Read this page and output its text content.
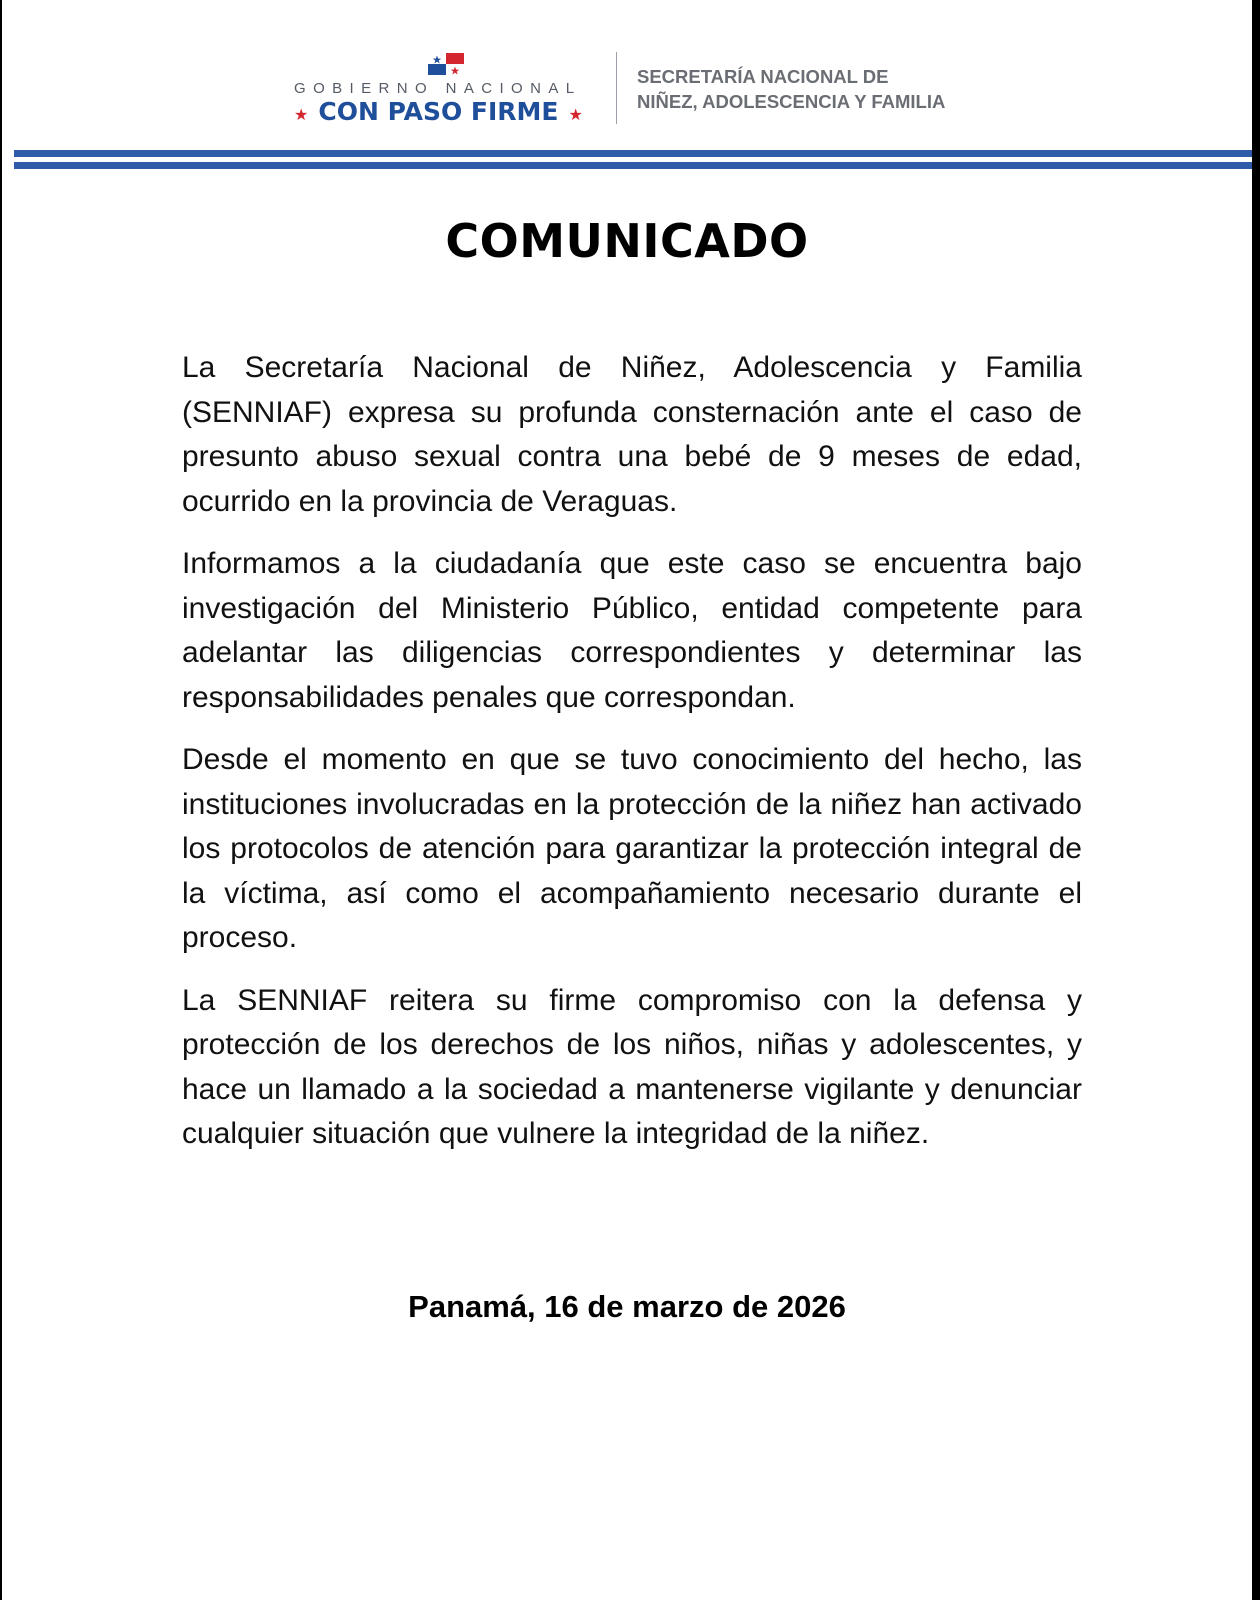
GOBIERNO NACIONAL
★ CON PASO FIRME ★
SECRETARÍA NACIONAL DE
NIÑEZ, ADOLESCENCIA Y FAMILIA
COMUNICADO

La Secretaría Nacional de Niñez, Adolescencia y Familia (SENNIAF) expresa su profunda consternación ante el caso de presunto abuso sexual contra una bebé de 9 meses de edad, ocurrido en la provincia de Veraguas.

Informamos a la ciudadanía que este caso se encuentra bajo investigación del Ministerio Público, entidad competente para adelantar las diligencias correspondientes y determinar las responsabilidades penales que correspondan.

Desde el momento en que se tuvo conocimiento del hecho, las instituciones involucradas en la protección de la niñez han activado los protocolos de atención para garantizar la protección integral de la víctima, así como el acompañamiento necesario durante el proceso.

La SENNIAF reitera su firme compromiso con la defensa y protección de los derechos de los niños, niñas y adolescentes, y hace un llamado a la sociedad a mantenerse vigilante y denunciar cualquier situación que vulnere la integridad de la niñez.

Panamá, 16 de marzo de 2026
